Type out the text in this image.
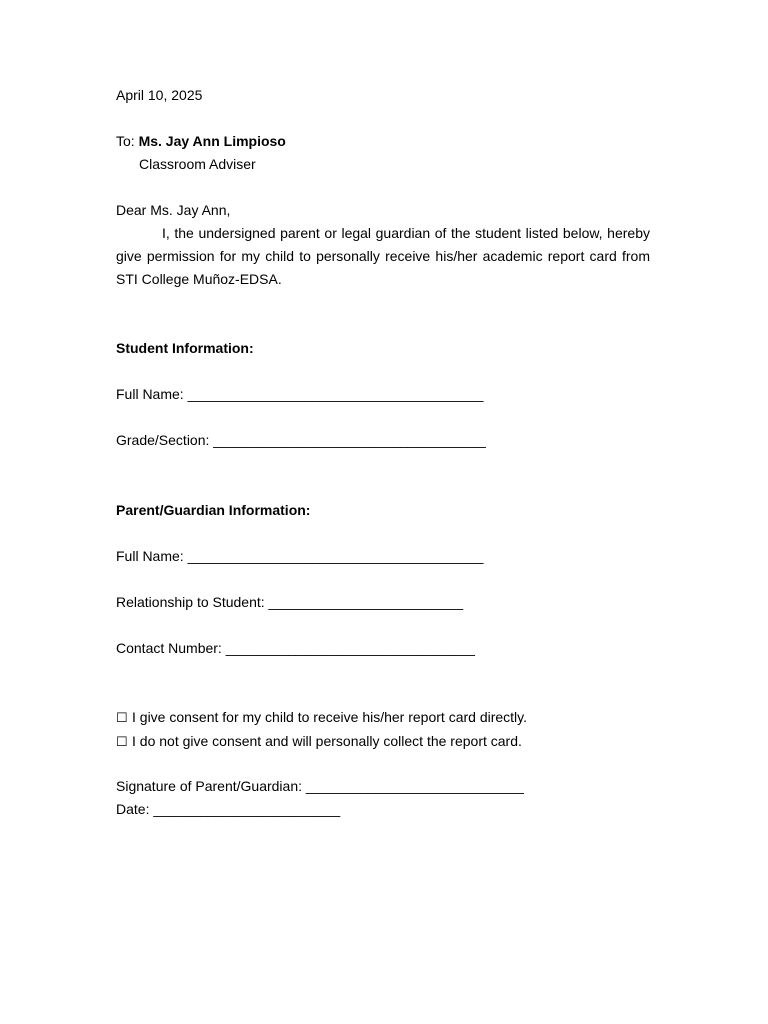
April 10, 2025
To: Ms. Jay Ann Limpioso
Classroom Adviser
Dear Ms. Jay Ann,

I, the undersigned parent or legal guardian of the student listed below, hereby give permission for my child to personally receive his/her academic report card from STI College Muñoz-EDSA.

Student Information:
Full Name: ______________________________________
Grade/Section: ___________________________________
Parent/Guardian Information:
Full Name: ______________________________________
Relationship to Student: _________________________
Contact Number: ________________________________
☐ I give consent for my child to receive his/her report card directly.
☐ I do not give consent and will personally collect the report card.
Signature of Parent/Guardian: ____________________________
Date: ________________________
